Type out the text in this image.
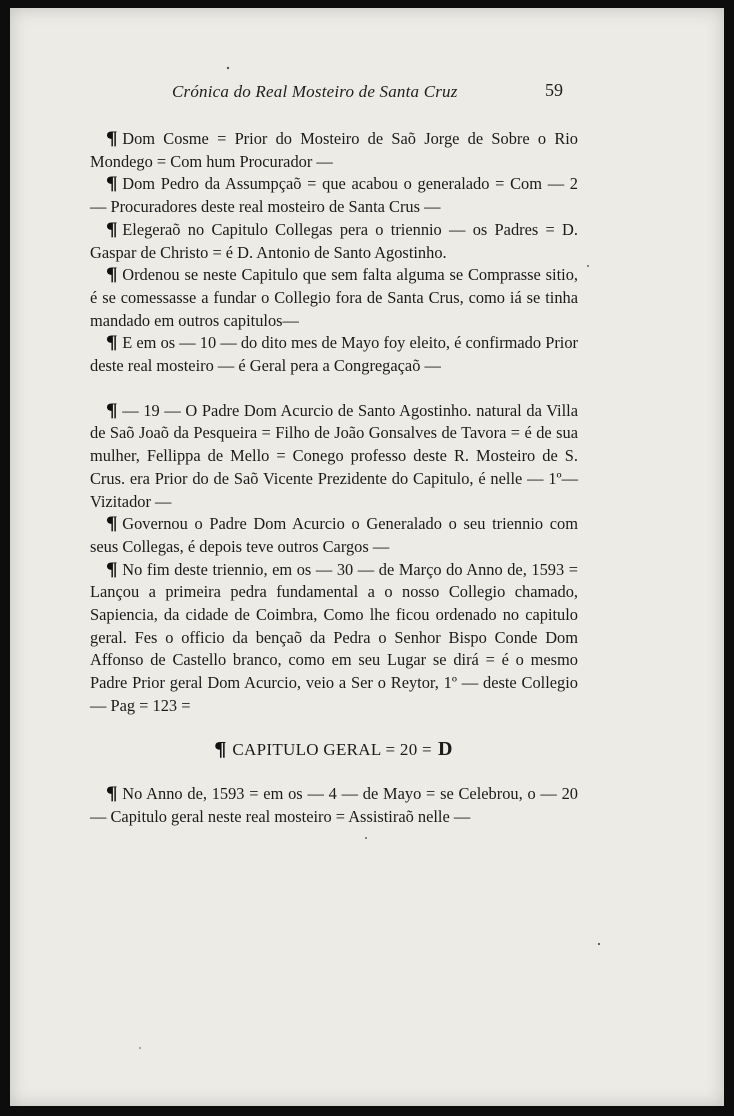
Crónica do Real Mosteiro de Santa Cruz	59

¶ Dom Cosme = Prior do Mosteiro de Saõ Jorge de Sobre o Rio Mondego = Com hum Procurador —

¶ Dom Pedro da Assumpçaõ = que acabou o generalado = Com — 2 — Procuradores deste real mosteiro de Santa Crus —

¶ Elegeraõ no Capitulo Collegas pera o triennio — os Padres = D. Gaspar de Christo = é D. Antonio de Santo Agostinho.

¶ Ordenou se neste Capitulo que sem falta alguma se Comprasse sitio, é se comessasse a fundar o Collegio fora de Santa Crus, como iá se tinha mandado em outros capitulos—

¶ E em os — 10 — do dito mes de Mayo foy eleito, é confirmado Prior deste real mosteiro — é Geral pera a Congregaçaõ —

¶ — 19 — O Padre Dom Acurcio de Santo Agostinho. natural da Villa de Saõ Joaõ da Pesqueira = Filho de João Gonsalves de Tavora = é de sua mulher, Fellippa de Mello = Conego professo deste R. Mosteiro de S. Crus. era Prior do de Saõ Vicente Prezidente do Capitulo, é nelle — 1º—Vizitador —

¶ Governou o Padre Dom Acurcio o Generalado o seu triennio com seus Collegas, é depois teve outros Cargos —

¶ No fim deste triennio, em os — 30 — de Março do Anno de, 1593 = Lançou a primeira pedra fundamental a o nosso Collegio chamado, Sapiencia, da cidade de Coimbra, Como lhe ficou ordenado no capitulo geral. Fes o officio da bençaõ da Pedra o Senhor Bispo Conde Dom Affonso de Castello branco, como em seu Lugar se dirá = é o mesmo Padre Prior geral Dom Acurcio, veio a Ser o Reytor, 1º — deste Collegio — Pag = 123 =

¶ CAPITULO GERAL = 20 = D

¶ No Anno de, 1593 = em os — 4 — de Mayo = se Celebrou, o — 20 — Capitulo geral neste real mosteiro = Assistiraõ nelle —
